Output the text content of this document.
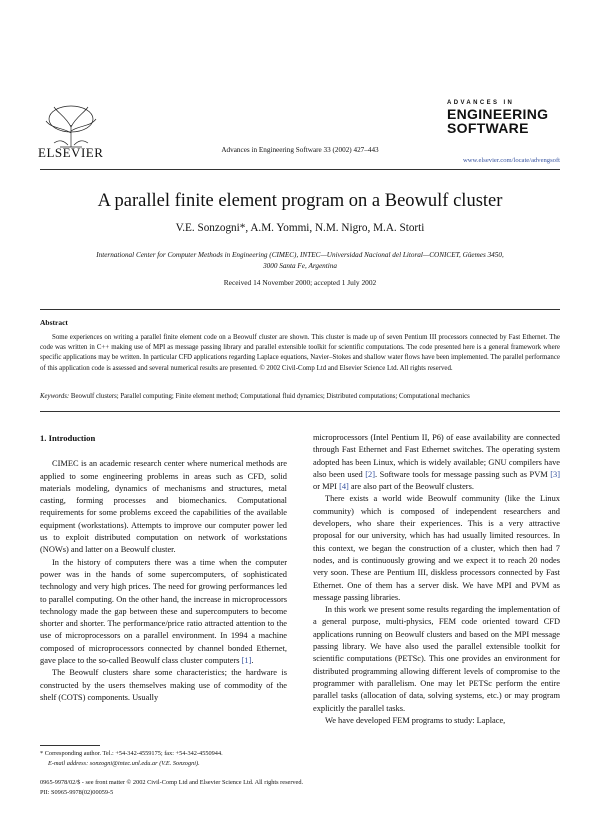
ELSEVIER	Advances in Engineering Software 33 (2002) 427–443
ADVANCES IN
ENGINEERING
SOFTWARE
www.elsevier.com/locate/advengsoft
A parallel finite element program on a Beowulf cluster
V.E. Sonzogni*, A.M. Yommi, N.M. Nigro, M.A. Storti
International Center for Computer Methods in Engineering (CIMEC), INTEC—Universidad Nacional del Litoral—CONICET, Güemes 3450,
3000 Santa Fe, Argentina
Received 14 November 2000; accepted 1 July 2002
Abstract
Some experiences on writing a parallel finite element code on a Beowulf cluster are shown. This cluster is made up of seven Pentium III processors connected by Fast Ethernet. The code was written in C++ making use of MPI as message passing library and parallel extensible toolkit for scientific computations. The code presented here is a general framework where specific applications may be written. In particular CFD applications regarding Laplace equations, Navier–Stokes and shallow water flows have been implemented. The parallel performance of this application code is assessed and several numerical results are presented. © 2002 Civil-Comp Ltd and Elsevier Science Ltd. All rights reserved.
Keywords: Beowulf clusters; Parallel computing; Finite element method; Computational fluid dynamics; Distributed computations; Computational mechanics
1. Introduction

CIMEC is an academic research center where numerical methods are applied to some engineering problems in areas such as CFD, solid materials modeling, dynamics of mechanisms and structures, metal casting, forming processes and biomechanics. Computational requirements for some problems exceed the capabilities of the available equipment (workstations). Attempts to improve our computer power led us to exploit distributed computation on network of workstations (NOWs) and latter on a Beowulf cluster.

In the history of computers there was a time when the computer power was in the hands of some supercomputers, of sophisticated technology and very high prices. The need for growing performances led to parallel computing. On the other hand, the increase in microprocessors technology made the gap between these and supercomputers to become shorter and shorter. The performance/price ratio attracted attention to the use of microprocessors on a parallel environment. In 1994 a machine composed of microprocessors connected by channel bonded Ethernet, gave place to the so-called Beowulf class cluster computers [1].

The Beowulf clusters share some characteristics; the hardware is constructed by the users themselves making use of commodity of the shelf (COTS) components. Usually

microprocessors (Intel Pentium II, P6) of ease availability are connected through Fast Ethernet and Fast Ethernet switches. The operating system adopted has been Linux, which is widely available; GNU compilers have also been used [2]. Software tools for message passing such as PVM [3] or MPI [4] are also part of the Beowulf clusters.

There exists a world wide Beowulf community (like the Linux community) which is composed of independent researchers and developers, who share their experiences. This is a very attractive proposal for our university, which has had usually limited resources. In this context, we began the construction of a cluster, which then had 7 nodes, and is continuously growing and we expect it to reach 20 nodes very soon. These are Pentium III, diskless processors connected by Fast Ethernet. One of them has a server disk. We have MPI and PVM as message passing libraries.

In this work we present some results regarding the implementation of a general purpose, multi-physics, FEM code oriented toward CFD applications running on Beowulf clusters and based on the MPI message passing library. We have also used the parallel extensible toolkit for scientific computations (PETSc). This one provides an environment for distributed programming allowing different levels of compromise to the programmer with parallelism. One may let PETSc perform the entire parallel tasks (allocation of data, solving systems, etc.) or may program explicitly the parallel tasks.

We have developed FEM programs to study: Laplace,

* Corresponding author. Tel.: +54-342-4559175; fax: +54-342-4550944.
E-mail address: sonzogni@intec.unl.edu.ar (V.E. Sonzogni).
0965-9978/02/$ - see front matter © 2002 Civil-Comp Ltd and Elsevier Science Ltd. All rights reserved.
PII: S0965-9978(02)00059-5
